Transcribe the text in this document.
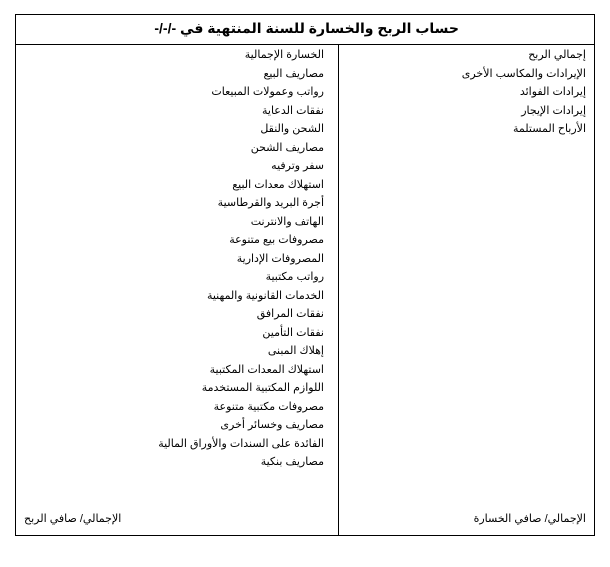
حساب الربح والخسارة للسنة المنتهية في -/-/-
إجمالي الربح
الإيرادات والمكاسب الأخرى
إيرادات الفوائد
إيرادات الإيجار
الأرباح المستلمة
الخسارة الإجمالية
مصاريف البيع
رواتب وعمولات المبيعات
نفقات الدعاية
الشحن والنقل
مصاريف الشحن
سفر وترفيه
استهلاك معدات البيع
أجرة البريد والقرطاسية
الهاتف والانترنت
مصروفات بيع متنوعة
المصروفات الإدارية
رواتب مكتبية
الخدمات القانونية والمهنية
نفقات المرافق
نفقات التأمين
إهلاك المبنى
استهلاك المعدات المكتبية
اللوازم المكتبية المستخدمة
مصروفات مكتبية متنوعة
مصاريف وخسائر أخرى
الفائدة على السندات والأوراق المالية
مصاريف بنكية
الإجمالي/ صافي الخسارة
الإجمالي/ صافي الربح
